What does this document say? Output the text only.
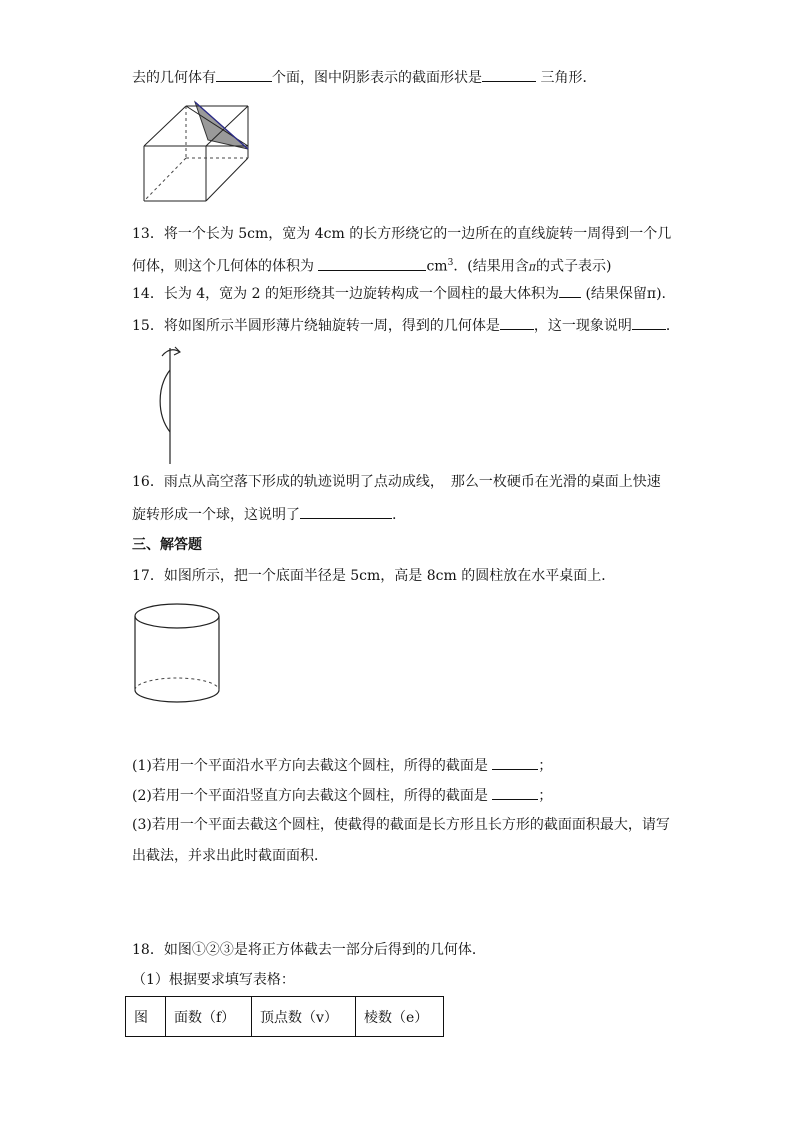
去的几何体有	个面，图中阴影表示的截面形状是	三角形．
13．将一个长为 5cm，宽为 4cm 的长方形绕它的一边所在的直线旋转一周得到一个几
何体，则这个几何体的体积为	$cm^3$．(结果用含π的式子表示)
14．长为 4，宽为 2 的矩形绕其一边旋转构成一个圆柱的最大体积为 (结果保留π).
15．将如图所示半圆形薄片绕轴旋转一周，得到的几何体是 ，这一现象说明 ．
16．雨点从高空落下形成的轨迹说明了点动成线，　那么一枚硬币在光滑的桌面上快速
旋转形成一个球，这说明了	.
三、解答题
17．如图所示，把一个底面半径是 5cm，高是 8cm 的圆柱放在水平桌面上．
(1)若用一个平面沿水平方向去截这个圆柱，所得的截面是	；
(2)若用一个平面沿竖直方向去截这个圆柱，所得的截面是	；
(3)若用一个平面去截这个圆柱，使截得的截面是长方形且长方形的截面面积最大，请写
出截法，并求出此时截面面积．
18．如图①②③是将正方体截去一部分后得到的几何体．
（1）根据要求填写表格：
图	面数（f）	顶点数（v）	棱数（e）
